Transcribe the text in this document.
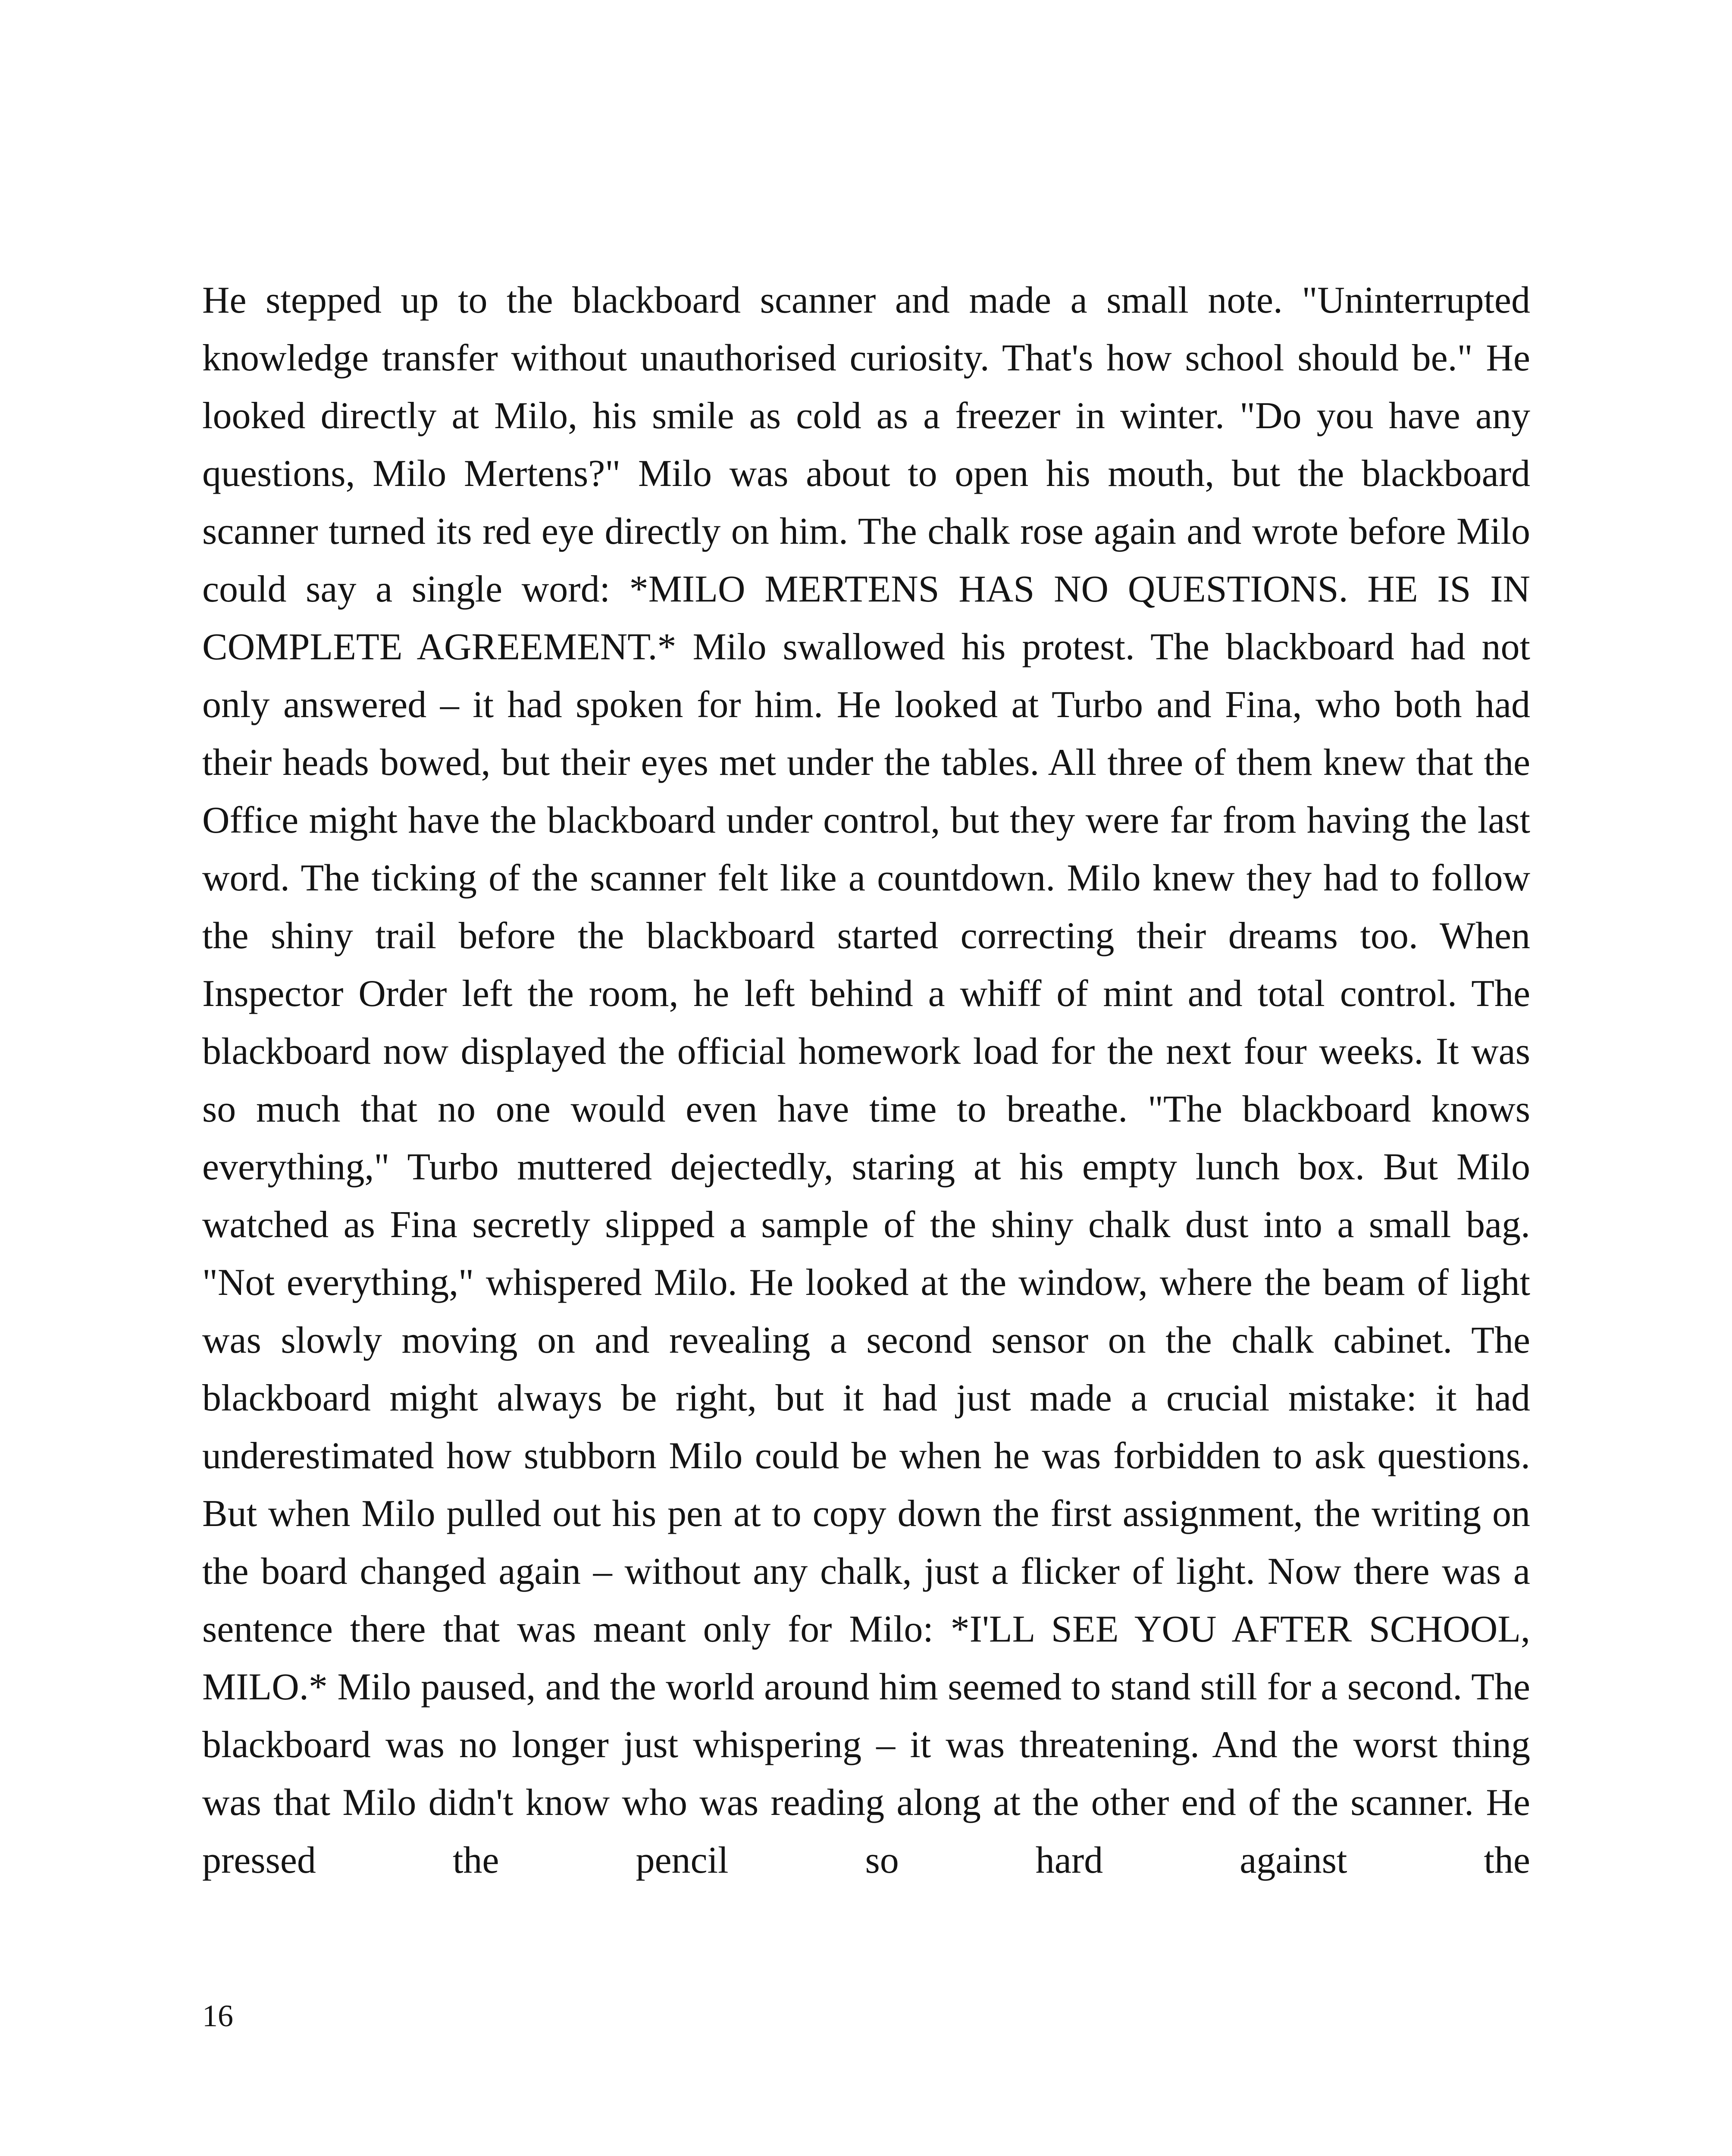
He stepped up to the blackboard scanner and made a small note. "Uninterrupted knowledge transfer without unauthorised curiosity. That's how school should be." He looked directly at Milo, his smile as cold as a freezer in winter. "Do you have any questions, Milo Mertens?" Milo was about to open his mouth, but the blackboard scanner turned its red eye directly on him. The chalk rose again and wrote before Milo could say a single word: *MILO MERTENS HAS NO QUESTIONS. HE IS IN COMPLETE AGREEMENT.* Milo swallowed his protest. The blackboard had not only answered – it had spoken for him. He looked at Turbo and Fina, who both had their heads bowed, but their eyes met under the tables. All three of them knew that the Office might have the blackboard under control, but they were far from having the last word. The ticking of the scanner felt like a countdown. Milo knew they had to follow the shiny trail before the blackboard started correcting their dreams too. When Inspector Order left the room, he left behind a whiff of mint and total control. The blackboard now displayed the official homework load for the next four weeks. It was so much that no one would even have time to breathe. "The blackboard knows everything," Turbo muttered dejectedly, staring at his empty lunch box. But Milo watched as Fina secretly slipped a sample of the shiny chalk dust into a small bag. "Not everything," whispered Milo. He looked at the window, where the beam of light was slowly moving on and revealing a second sensor on the chalk cabinet. The blackboard might always be right, but it had just made a crucial mistake: it had underestimated how stubborn Milo could be when he was forbidden to ask questions. But when Milo pulled out his pen at to copy down the first assignment, the writing on the board changed again – without any chalk, just a flicker of light. Now there was a sentence there that was meant only for Milo: *I'LL SEE YOU AFTER SCHOOL, MILO.* Milo paused, and the world around him seemed to stand still for a second. The blackboard was no longer just whispering – it was threatening. And the worst thing was that Milo didn't know who was reading along at the other end of the scanner. He pressed the pencil so hard against the

16
